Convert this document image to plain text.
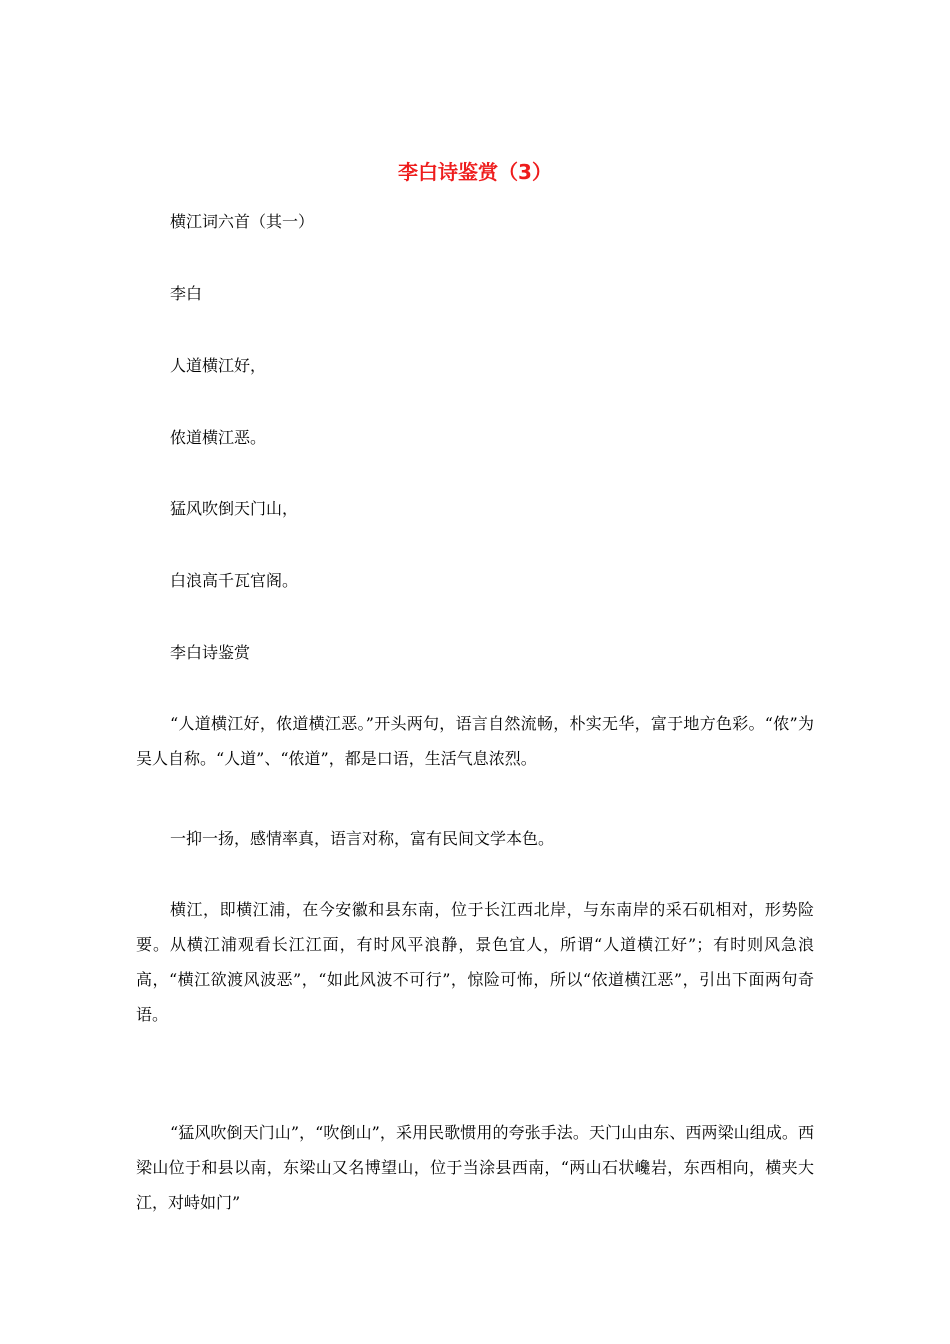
李白诗鉴赏（3）
横江词六首（其一）
李白
人道横江好，
侬道横江恶。
猛风吹倒天门山，
白浪高千瓦官阁。
李白诗鉴赏

“人道横江好，侬道横江恶。”开头两句，语言自然流畅，朴实无华，富于地方色彩。“侬”为吴人自称。“人道”、“侬道”，都是口语，生活气息浓烈。

一抑一扬，感情率真，语言对称，富有民间文学本色。

横江，即横江浦，在今安徽和县东南，位于长江西北岸，与东南岸的采石矶相对，形势险要。从横江浦观看长江江面，有时风平浪静，景色宜人，所谓“人道横江好”；有时则风急浪高，“横江欲渡风波恶”，“如此风波不可行”，惊险可怖，所以“依道横江恶”，引出下面两句奇语。

“猛风吹倒天门山”，“吹倒山”，采用民歌惯用的夸张手法。天门山由东、西两梁山组成。西梁山位于和县以南，东梁山又名博望山，位于当涂县西南，“两山石状巉岩，东西相向，横夹大江，对峙如门”
